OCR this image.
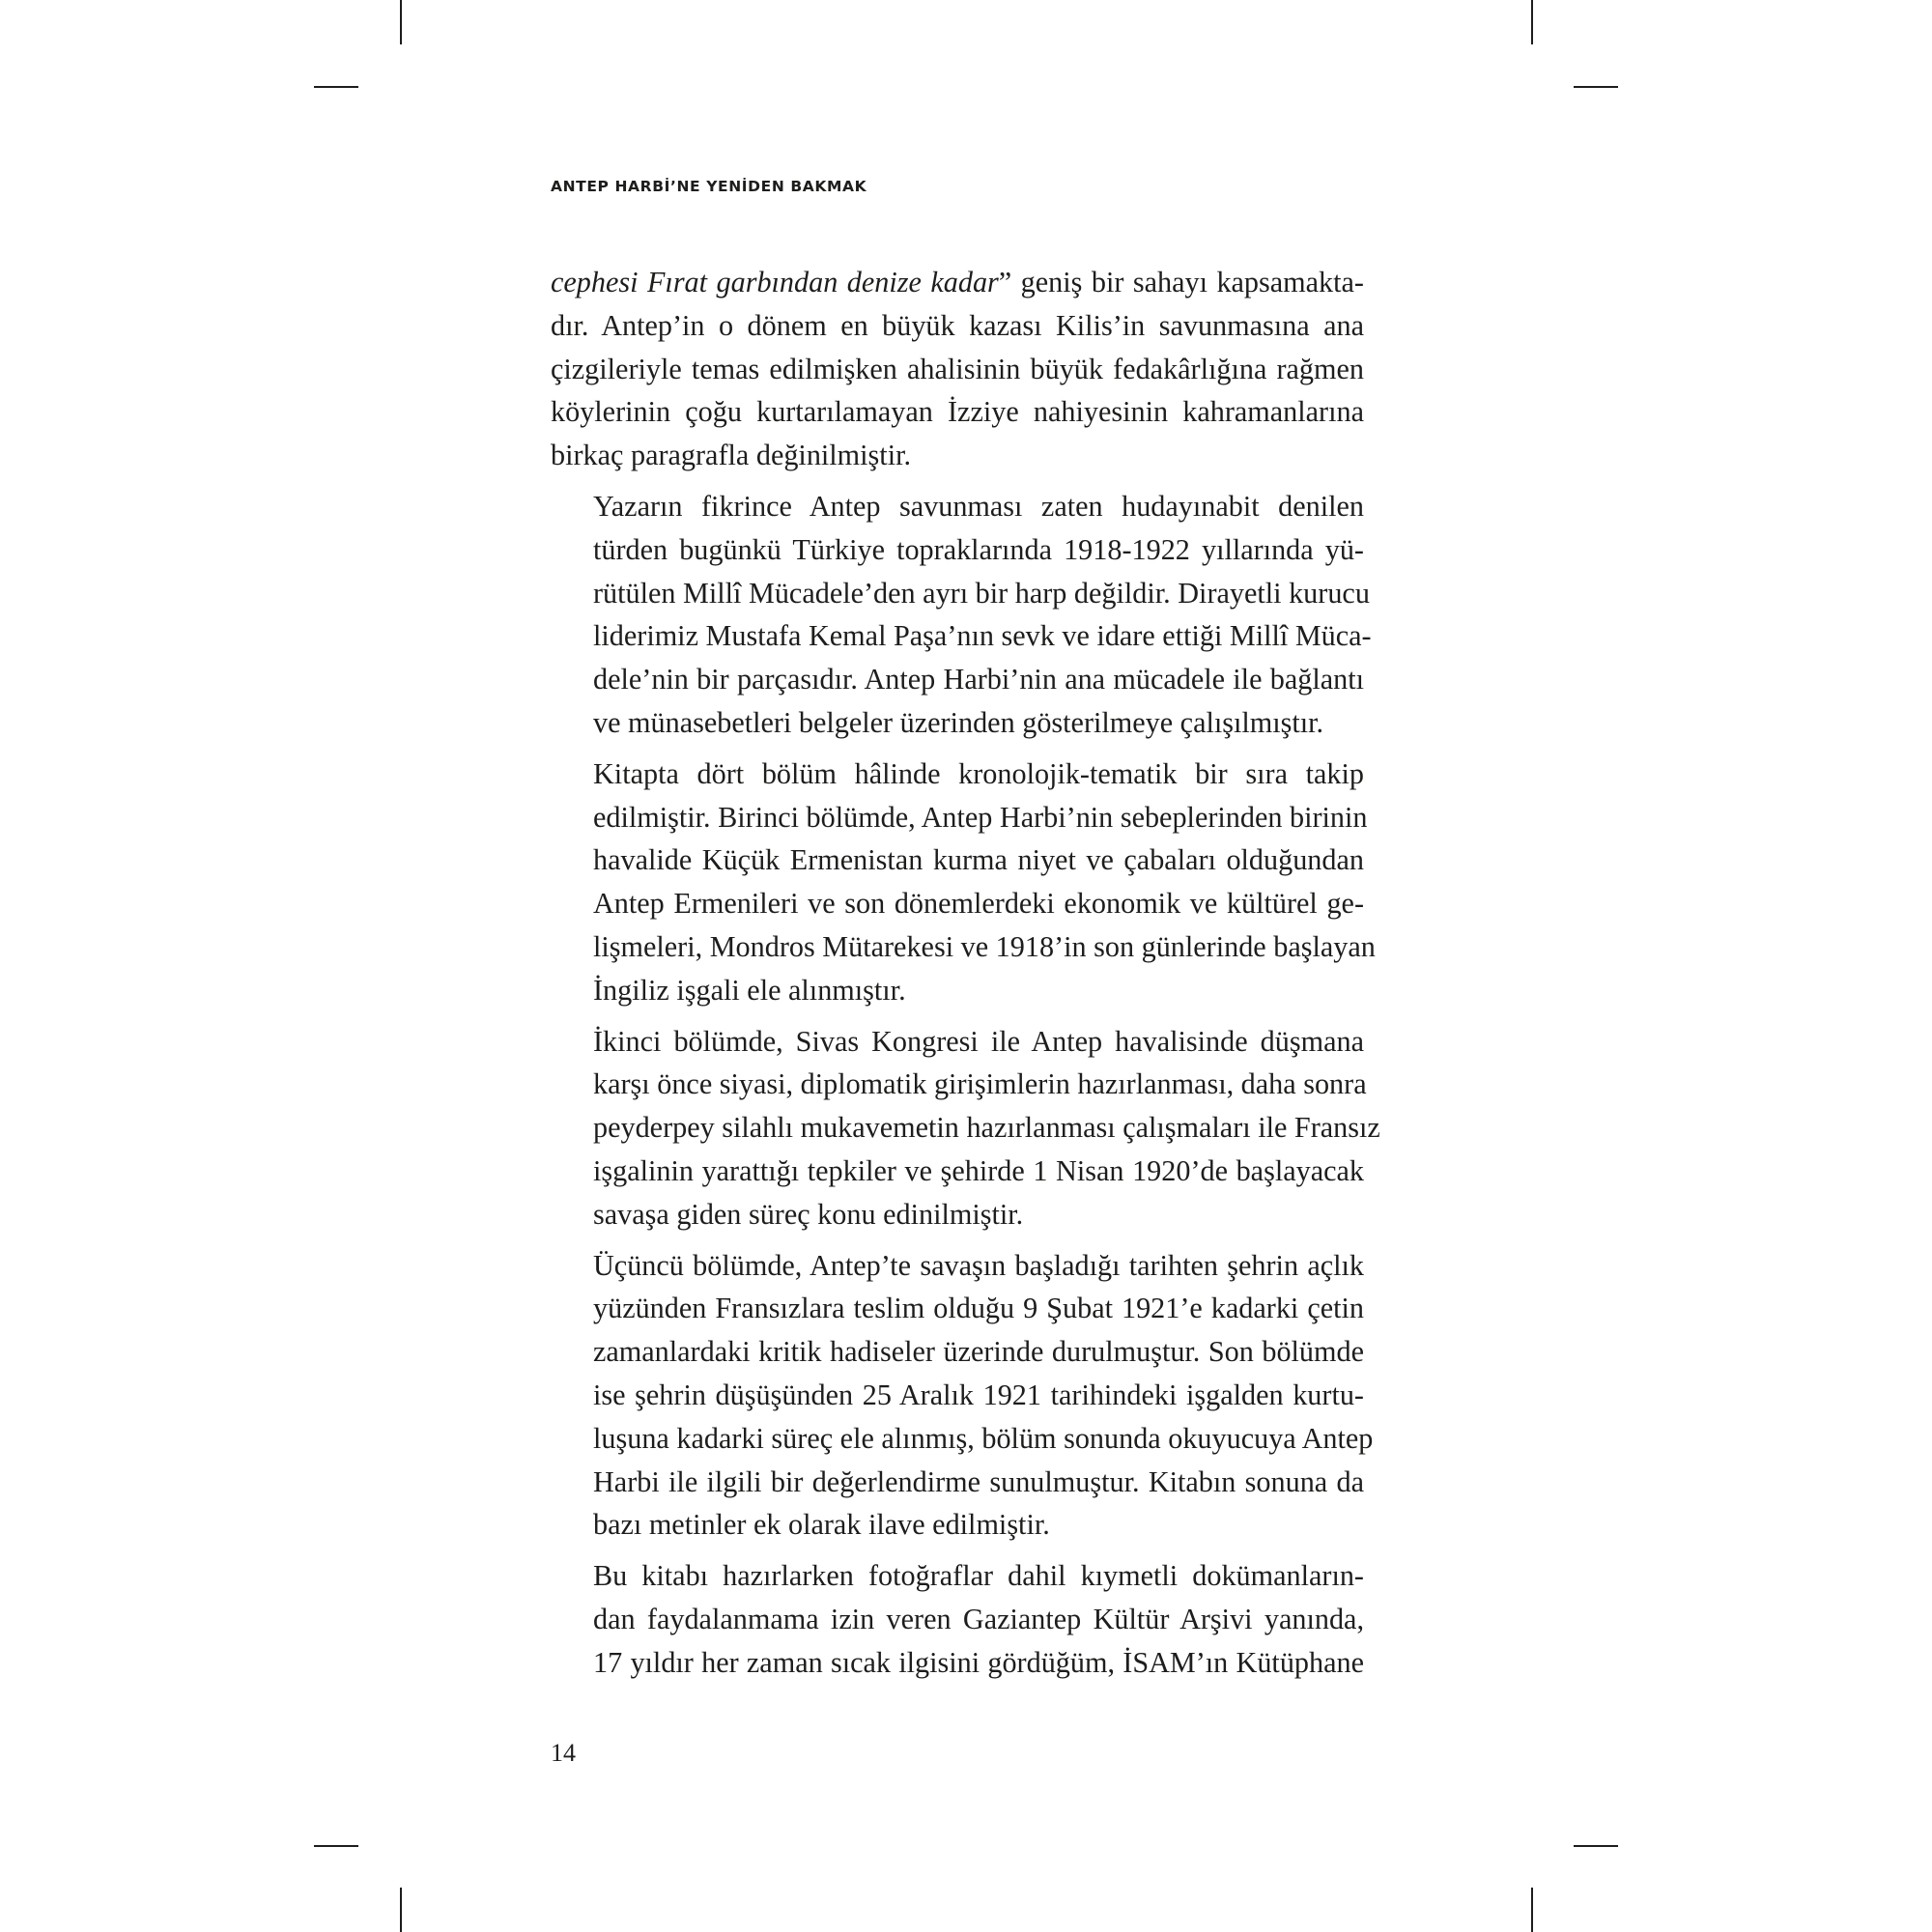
ANTEP HARBİ’NE YENİDEN BAKMAK
cephesi Fırat garbından denize kadar” geniş bir sahayı kapsamakta-
dır. Antep’in o dönem en büyük kazası Kilis’in savunmasına ana
çizgileriyle temas edilmişken ahalisinin büyük fedakârlığına rağmen
köylerinin çoğu kurtarılamayan İzziye nahiyesinin kahramanlarına
birkaç paragrafla değinilmiştir.
Yazarın fikrince Antep savunması zaten hudayınabit denilen
türden bugünkü Türkiye topraklarında 1918-1922 yıllarında yü-
rütülen Millî Mücadele’den ayrı bir harp değildir. Dirayetli kurucu
liderimiz Mustafa Kemal Paşa’nın sevk ve idare ettiği Millî Mücа-
dele’nin bir parçasıdır. Antep Harbi’nin ana mücadele ile bağlantı
ve münasebetleri belgeler üzerinden gösterilmeye çalışılmıştır.
Kitapta dört bölüm hâlinde kronolojik-tematik bir sıra takip
edilmiştir. Birinci bölümde, Antep Harbi’nin sebeplerinden birinin
havalide Küçük Ermenistan kurma niyet ve çabaları olduğundan
Antep Ermenileri ve son dönemlerdeki ekonomik ve kültürel ge-
lişmeleri, Mondros Mütarekesi ve 1918’in son günlerinde başlayan
İngiliz işgali ele alınmıştır.
İkinci bölümde, Sivas Kongresi ile Antep havalisinde düşmana
karşı önce siyasi, diplomatik girişimlerin hazırlanması, daha sonra
peyderpey silahlı mukavemetin hazırlanması çalışmaları ile Fransız
işgalinin yarattığı tepkiler ve şehirde 1 Nisan 1920’de başlayacak
savaşa giden süreç konu edinilmiştir.
Üçüncü bölümde, Antep’te savaşın başladığı tarihten şehrin açlık
yüzünden Fransızlara teslim olduğu 9 Şubat 1921’e kadarki çetin
zamanlardaki kritik hadiseler üzerinde durulmuştur. Son bölümde
ise şehrin düşüşünden 25 Aralık 1921 tarihindeki işgalden kurtu-
luşuna kadarki süreç ele alınmış, bölüm sonunda okuyucuya Antep
Harbi ile ilgili bir değerlendirme sunulmuştur. Kitabın sonuna da
bazı metinler ek olarak ilave edilmiştir.
Bu kitabı hazırlarken fotoğraflar dahil kıymetli dokümanların-
dan faydalanmama izin veren Gaziantep Kültür Arşivi yanında,
17 yıldır her zaman sıcak ilgisini gördüğüm, İSAM’ın Kütüphane
14
